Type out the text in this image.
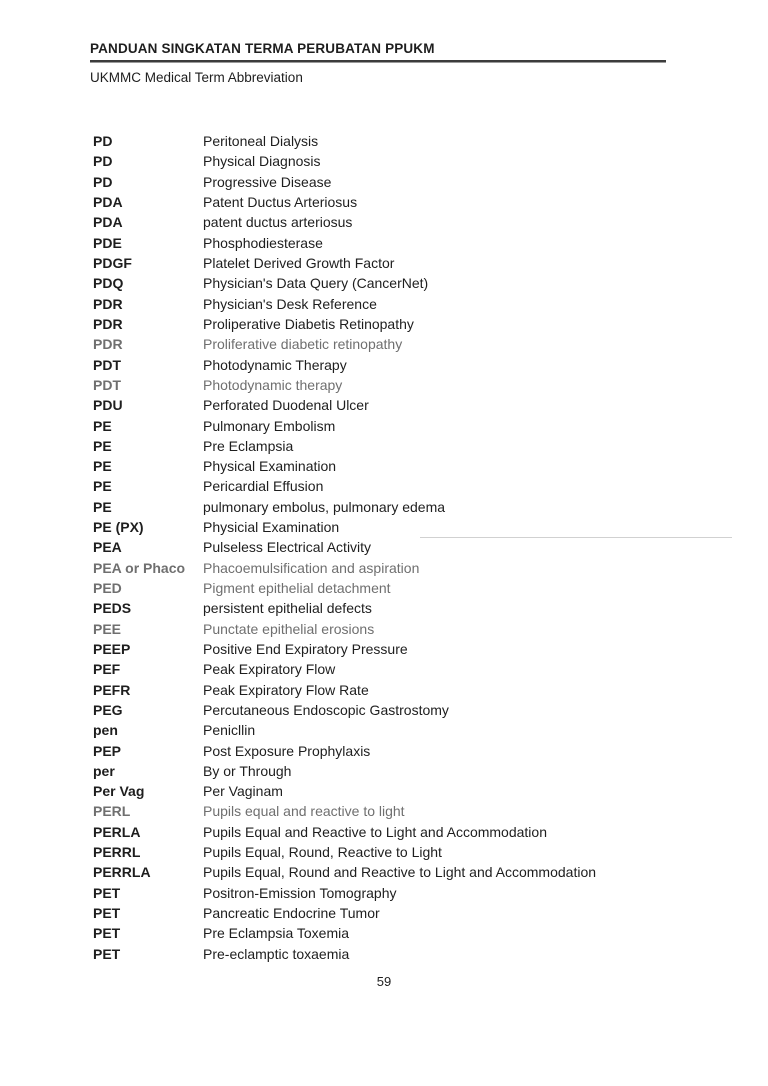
PANDUAN SINGKATAN TERMA PERUBATAN PPUKM
UKMMC Medical Term Abbreviation
PD	Peritoneal Dialysis
PD	Physical Diagnosis
PD	Progressive Disease
PDA	Patent Ductus Arteriosus
PDA	patent ductus arteriosus
PDE	Phosphodiesterase
PDGF	Platelet Derived Growth Factor
PDQ	Physician's Data Query (CancerNet)
PDR	Physician's Desk Reference
PDR	Proliperative Diabetis Retinopathy
PDR	Proliferative diabetic retinopathy
PDT	Photodynamic Therapy
PDT	Photodynamic therapy
PDU	Perforated Duodenal Ulcer
PE	Pulmonary Embolism
PE	Pre Eclampsia
PE	Physical Examination
PE	Pericardial Effusion
PE	pulmonary embolus, pulmonary edema
PE (PX)	Physicial Examination
PEA	Pulseless Electrical Activity
PEA or Phaco	Phacoemulsification and aspiration
PED	Pigment epithelial detachment
PEDS	persistent epithelial defects
PEE	Punctate epithelial erosions
PEEP	Positive End Expiratory Pressure
PEF	Peak Expiratory Flow
PEFR	Peak Expiratory Flow Rate
PEG	Percutaneous Endoscopic Gastrostomy
pen	Penicllin
PEP	Post Exposure Prophylaxis
per	By or Through
Per Vag	Per Vaginam
PERL	Pupils equal and reactive to light
PERLA	Pupils Equal and Reactive to Light and Accommodation
PERRL	Pupils Equal, Round, Reactive to Light
PERRLA	Pupils Equal, Round and Reactive to Light and Accommodation
PET	Positron-Emission Tomography
PET	Pancreatic Endocrine Tumor
PET	Pre Eclampsia Toxemia
PET	Pre-eclamptic toxaemia
59
